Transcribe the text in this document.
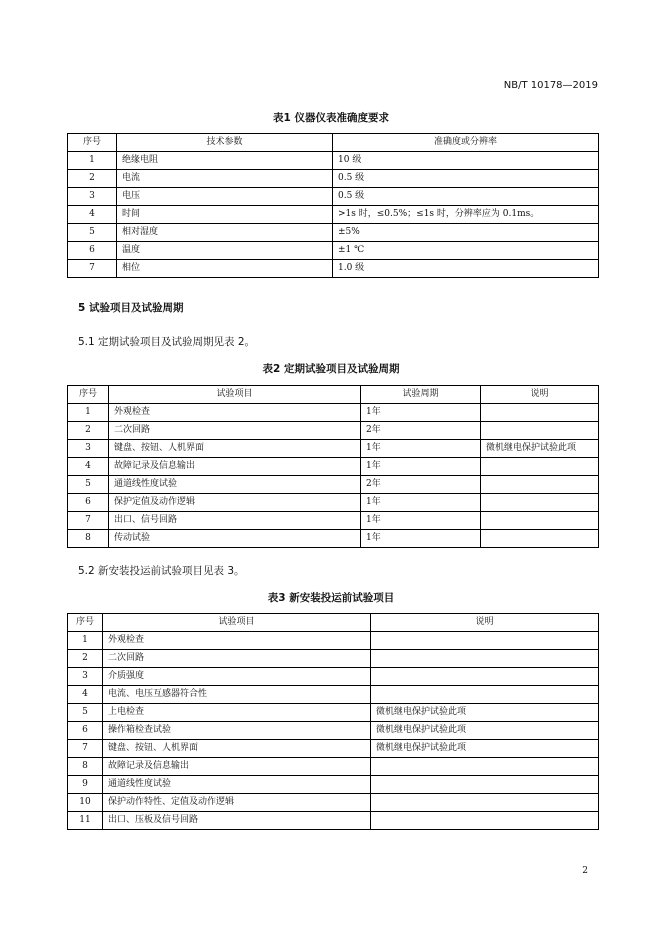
NB/T 10178—2019
表1 仪器仪表准确度要求
序号	技术参数	准确度或分辨率
1	绝缘电阻	10 级
2	电流	0.5 级
3	电压	0.5 级
4	时间	>1s 时，≤0.5%；≤1s 时，分辨率应为 0.1ms。
5	相对湿度	±5%
6	温度	±1 ℃
7	相位	1.0 级
5 试验项目及试验周期
5.1 定期试验项目及试验周期见表 2。
表2 定期试验项目及试验周期
序号	试验项目	试验周期	说明
1	外观检查	1年	
2	二次回路	2年	
3	键盘、按钮、人机界面	1年	微机继电保护试验此项
4	故障记录及信息输出	1年	
5	通道线性度试验	2年	
6	保护定值及动作逻辑	1年	
7	出口、信号回路	1年	
8	传动试验	1年	
5.2 新安装投运前试验项目见表 3。
表3 新安装投运前试验项目
序号	试验项目	说明
1	外观检查	
2	二次回路	
3	介质强度	
4	电流、电压互感器符合性	
5	上电检查	微机继电保护试验此项
6	操作箱检查试验	微机继电保护试验此项
7	键盘、按钮、人机界面	微机继电保护试验此项
8	故障记录及信息输出	
9	通道线性度试验	
10	保护动作特性、定值及动作逻辑	
11	出口、压板及信号回路	
2
